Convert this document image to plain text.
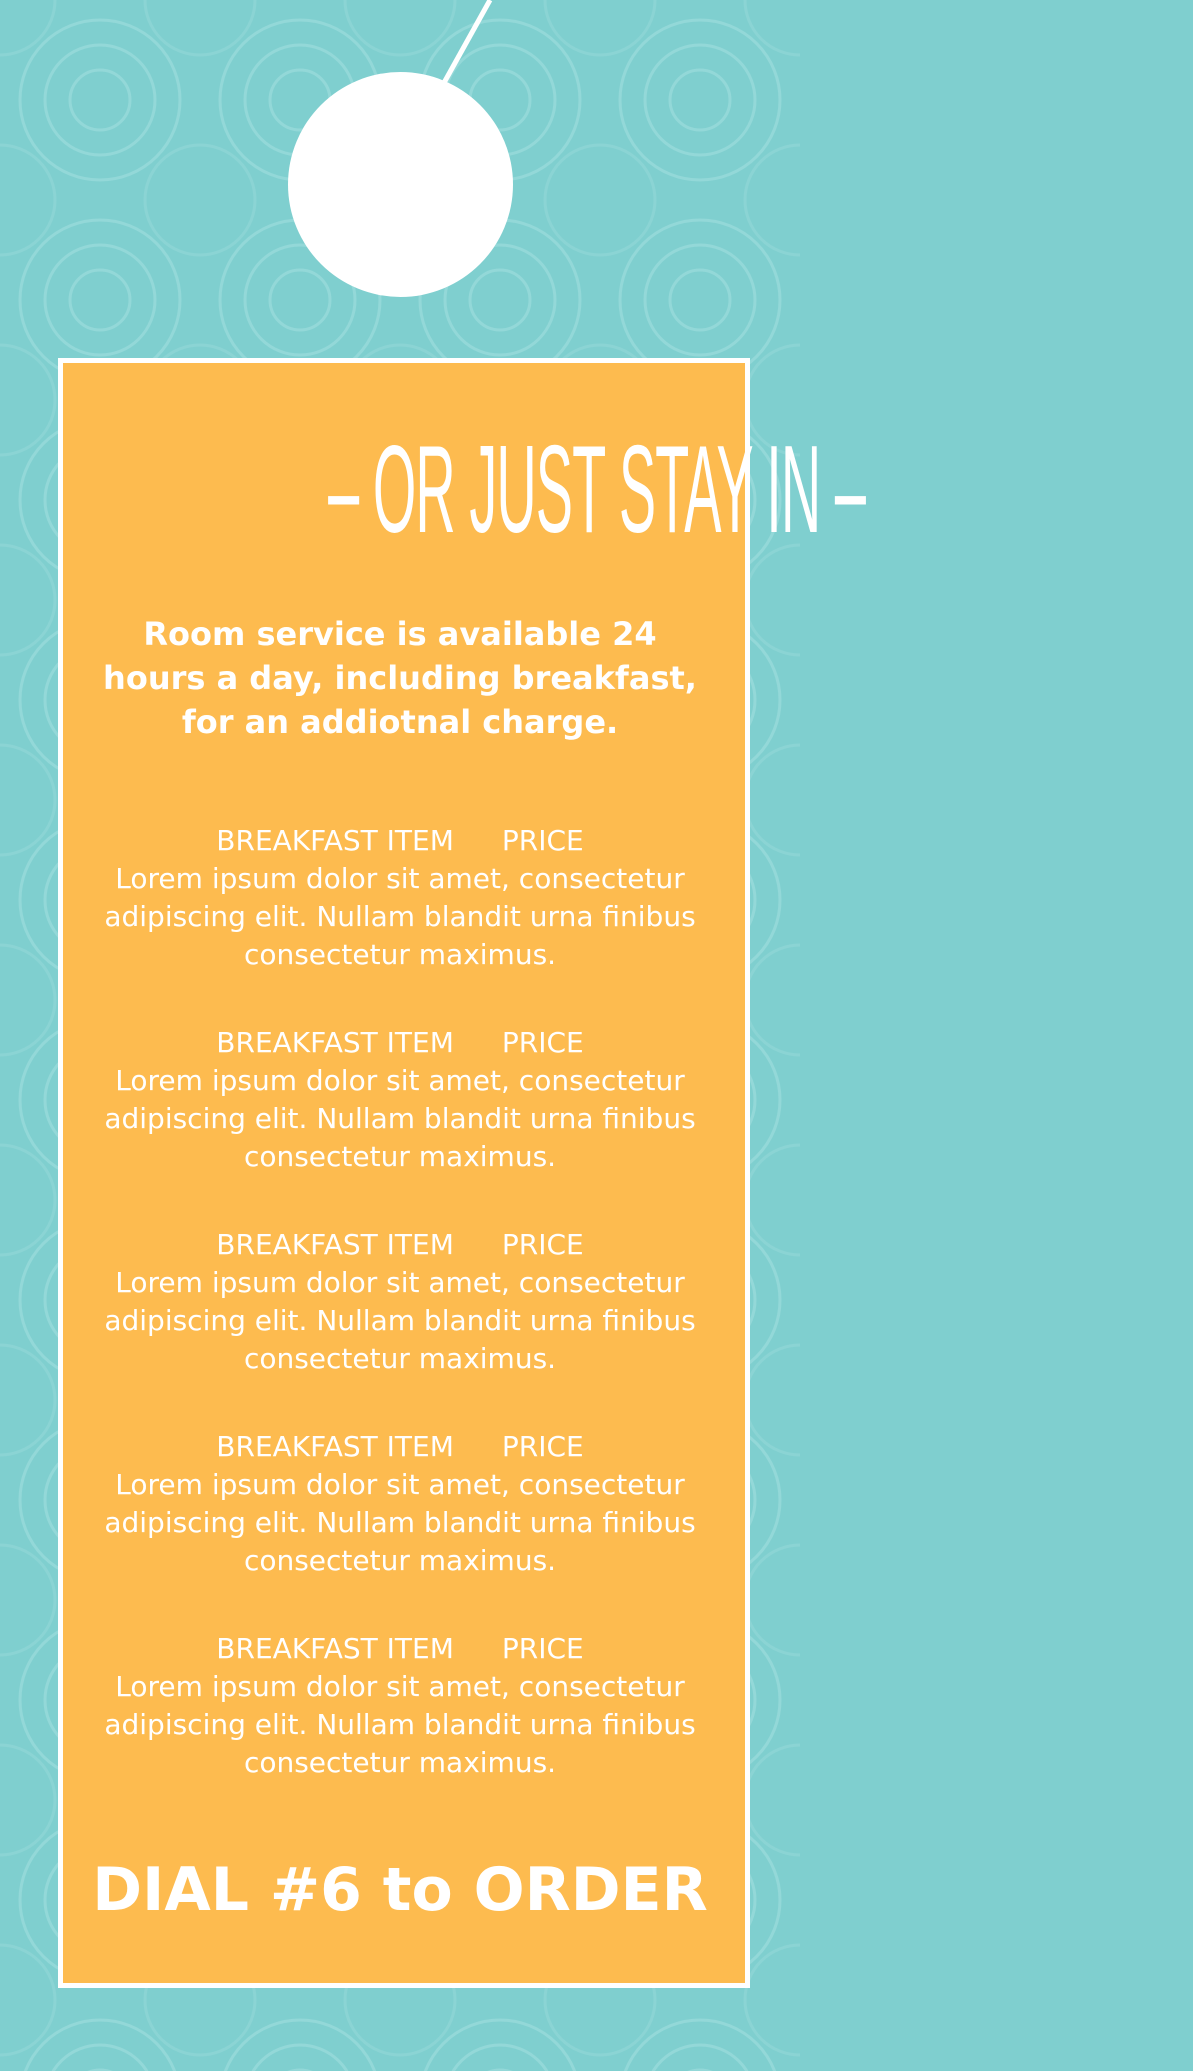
– OR JUST STAY IN –
Room service is available 24 hours a day, including breakfast, for an addiotnal charge.
BREAKFAST ITEM PRICE
Lorem ipsum dolor sit amet, consectetur adipiscing elit. Nullam blandit urna finibus consectetur maximus.
BREAKFAST ITEM PRICE
Lorem ipsum dolor sit amet, consectetur adipiscing elit. Nullam blandit urna finibus consectetur maximus.
BREAKFAST ITEM PRICE
Lorem ipsum dolor sit amet, consectetur adipiscing elit. Nullam blandit urna finibus consectetur maximus.
BREAKFAST ITEM PRICE
Lorem ipsum dolor sit amet, consectetur adipiscing elit. Nullam blandit urna finibus consectetur maximus.
BREAKFAST ITEM PRICE
Lorem ipsum dolor sit amet, consectetur adipiscing elit. Nullam blandit urna finibus consectetur maximus.
DIAL #6 to ORDER
